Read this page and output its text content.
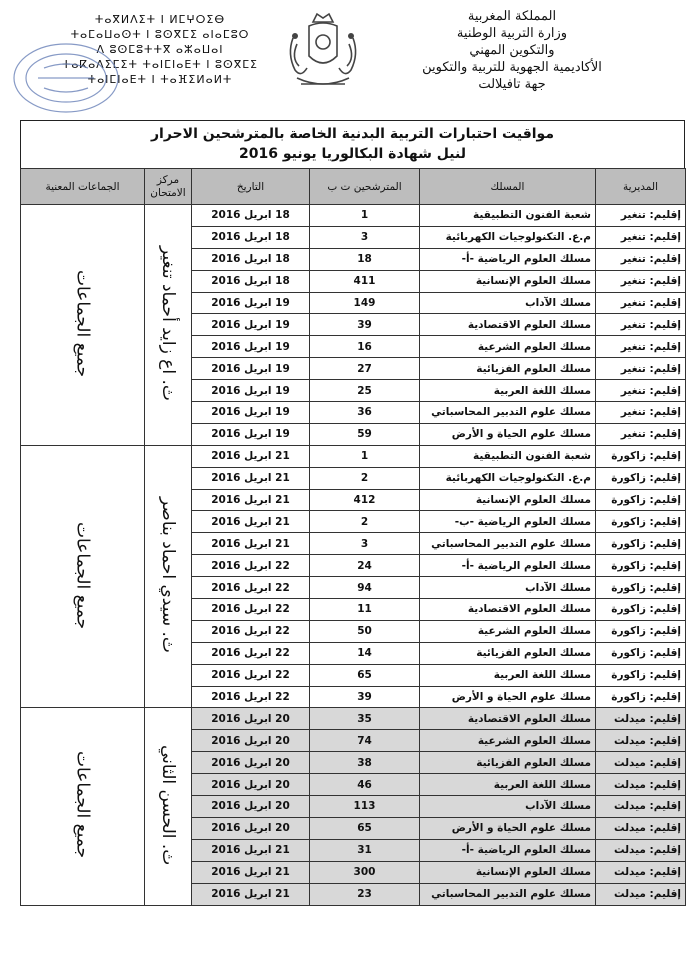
ⵜⴰⴳⵍⴷⵉⵜ ⵏ ⵍⵎⵖⵔⵉⴱ
ⵜⴰⵎⴰⵡⴰⵙⵜ ⵏ ⵓⵙⴳⵎⵉ ⴰⵏⴰⵎⵓⵔ
ⴷ ⵓⵙⵎⵓⵜⵜⴳ ⴰⵣⴰⵡⴰⵏ
ⵜⴰⴽⴰⴷⵉⵎⵉⵜ ⵜⴰⵏⵎⵏⴰⴹⵜ ⵏ ⵓⵙⴳⵎⵉ
ⵜⴰⵏⵎⵏⴰⴹⵜ ⵏ ⵜⴰⴼⵉⵍⴰⵍⵜ
المملكة المغربية
وزارة التربية الوطنية
والتكوين المهني
الأكاديمية الجهوية للتربية والتكوين
جهة تافيلالت
مواقيت احتبارات التربية البدنية الخاصة بالمترشحين الاحرار
لنيل شهادة البكالوريا يونيو 2016
المديرية	المسلك	المترشحين ت ب	التاريخ	مركز الامتحان	الجماعات المعنية
إقليم: تنغير	شعبة الفنون التطبيقية	1	18 ابريل 2016	ث. اع زايد أحماد تنغير	جميع الجماعات
إقليم: تنغير	م.ع. التكنولوجيات الكهربائية	3	18 ابريل 2016		
إقليم: تنغير	مسلك العلوم الرياضية -أ-	18	18 ابريل 2016		
إقليم: تنغير	مسلك العلوم الإنسانية	411	18 ابريل 2016		
إقليم: تنغير	مسلك الآداب	149	19 ابريل 2016		
إقليم: تنغير	مسلك العلوم الاقتصادية	39	19 ابريل 2016		
إقليم: تنغير	مسلك العلوم الشرعية	16	19 ابريل 2016		
إقليم: تنغير	مسلك العلوم الفزيائية	27	19 ابريل 2016		
إقليم: تنغير	مسلك اللغة العربية	25	19 ابريل 2016		
إقليم: تنغير	مسلك علوم التدبير المحاسباتي	36	19 ابريل 2016		
إقليم: تنغير	مسلك علوم الحياة و الأرض	59	19 ابريل 2016		
إقليم: زاكورة	شعبة الفنون التطبيقية	1	21 ابريل 2016	ث. سيدي احماد بناصر	جميع الجماعات
إقليم: زاكورة	م.ع. التكنولوجيات الكهربائية	2	21 ابريل 2016		
إقليم: زاكورة	مسلك العلوم الإنسانية	412	21 ابريل 2016		
إقليم: زاكورة	مسلك العلوم الرياضية -ب-	2	21 ابريل 2016		
إقليم: زاكورة	مسلك علوم التدبير المحاسباتي	3	21 ابريل 2016		
إقليم: زاكورة	مسلك العلوم الرياضية -أ-	24	22 ابريل 2016		
إقليم: زاكورة	مسلك الآداب	94	22 ابريل 2016		
إقليم: زاكورة	مسلك العلوم الاقتصادية	11	22 ابريل 2016		
إقليم: زاكورة	مسلك العلوم الشرعية	50	22 ابريل 2016		
إقليم: زاكورة	مسلك العلوم الفزيائية	14	22 ابريل 2016		
إقليم: زاكورة	مسلك اللغة العربية	65	22 ابريل 2016		
إقليم: زاكورة	مسلك علوم الحياة و الأرض	39	22 ابريل 2016		
إقليم: ميدلت	مسلك العلوم الاقتصادية	35	20 ابريل 2016	ث. الحسن الثاني	جميع الجماعات
إقليم: ميدلت	مسلك العلوم الشرعية	74	20 ابريل 2016		
إقليم: ميدلت	مسلك العلوم الفزيائية	38	20 ابريل 2016		
إقليم: ميدلت	مسلك اللغة العربية	46	20 ابريل 2016		
إقليم: ميدلت	مسلك الآداب	113	20 ابريل 2016		
إقليم: ميدلت	مسلك علوم الحياة و الأرض	65	20 ابريل 2016		
إقليم: ميدلت	مسلك العلوم الرياضية -أ-	31	21 ابريل 2016		
إقليم: ميدلت	مسلك العلوم الإنسانية	300	21 ابريل 2016		
إقليم: ميدلت	مسلك علوم التدبير المحاسباتي	23	21 ابريل 2016		
